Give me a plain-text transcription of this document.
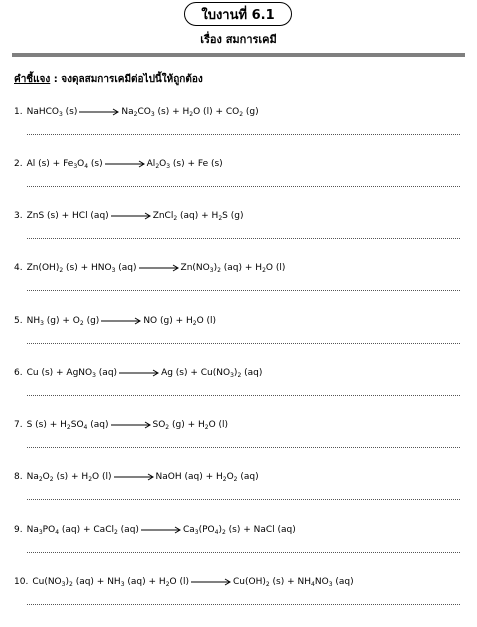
ใบงานที่ 6.1
เรื่อง สมการเคมี
คำชี้แจง : จงดุลสมการเคมีต่อไปนี้ให้ถูกต้อง
1. NaHCO$_3$ (s)	$Na_2CO_3$ $(s) + H_2O$ $(l) + CO_2$ (g)
2. Al $(s) + Fe_3O_4$ (s)	$Al_2O_3$ (s) + Fe (s)
3. ZnS (s) + HCl (aq)	ZnCl$_2$ $(aq) + H_2S$ (g)
4. $Zn(OH)_2$ $(s) + HNO_3$ (aq)	$Zn(NO_3)_2$ $(aq) + H_2O$ (l)
5. $NH_3$ $(g) + O_2$ (g)	NO $(g) + H_2O$ (l)
6. Cu (s) + AgNO$_3$ (aq)	Ag $(s) + Cu(NO_3)_2$ (aq)
7. S $(s) + H_2SO_4$ (aq)	$SO_2$ $(g) + H_2O$ (l)
8. $Na_2O_2$ $(s) + H_2O$ (l)	NaOH $(aq) + H_2O_2$ (aq)
9. $Na_3PO_4$ (aq) + CaCl$_2$ (aq)	$Ca_3(PO_4)_2$ (s) + NaCl (aq)
10. $Cu(NO_3)_2$ $(aq) + NH_3$ $(aq) + H_2O$ (l)	$Cu(OH)_2$ $(s) + NH_4NO_3$ (aq)
